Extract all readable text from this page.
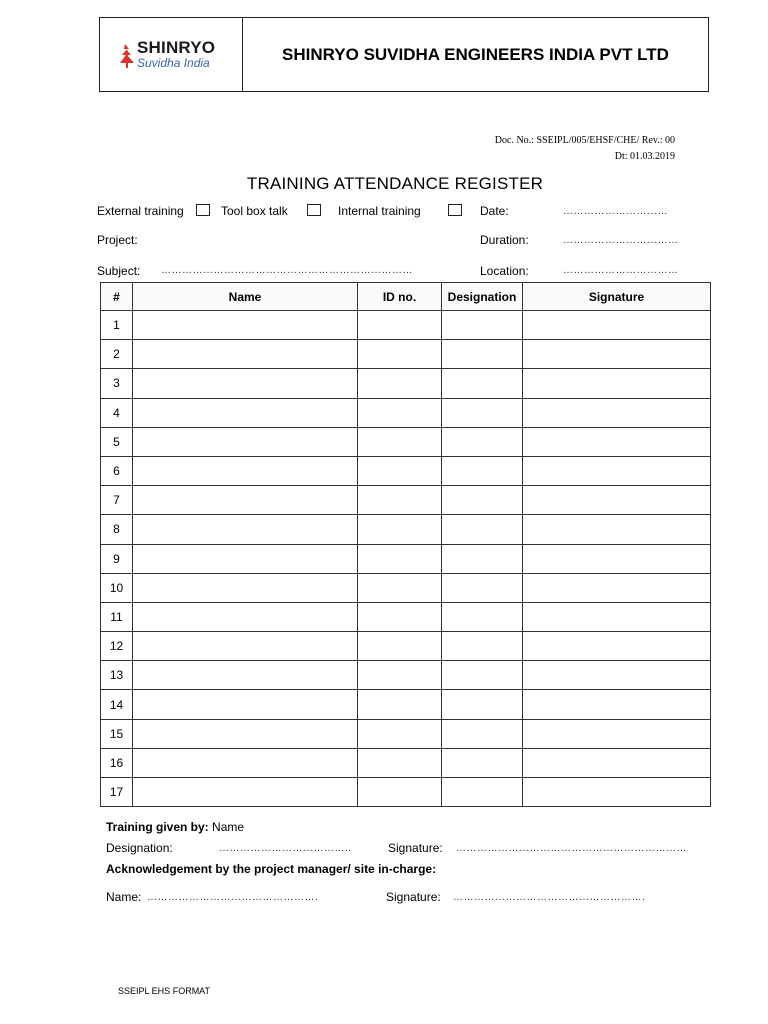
SHINRYO
Suvidha India	SHINRYO SUVIDHA ENGINEERS INDIA PVT LTD
Doc. No.: SSEIPL/005/EHSF/CHE/ Rev.: 00
Dt: 01.03.2019
TRAINING ATTENDANCE REGISTER
External training	Tool box talk	Internal training	Date:	…………………………
Project:	Duration:	……………………………
Subject: ………………………………………………………………	Location:	……………………………
#	Name	ID no.	Designation	Signature
1				
2				
3				
4				
5				
6				
7				
8				
9				
10				
11				
12				
13				
14				
15				
16				
17				
Training given by: Name
Designation:	………………………………..	Signature: …………………………………………………………
Acknowledgement by the project manager/ site in-charge:
Name: ………………………………………….	Signature: ……………………………………………….
SSEIPL EHS FORMAT
